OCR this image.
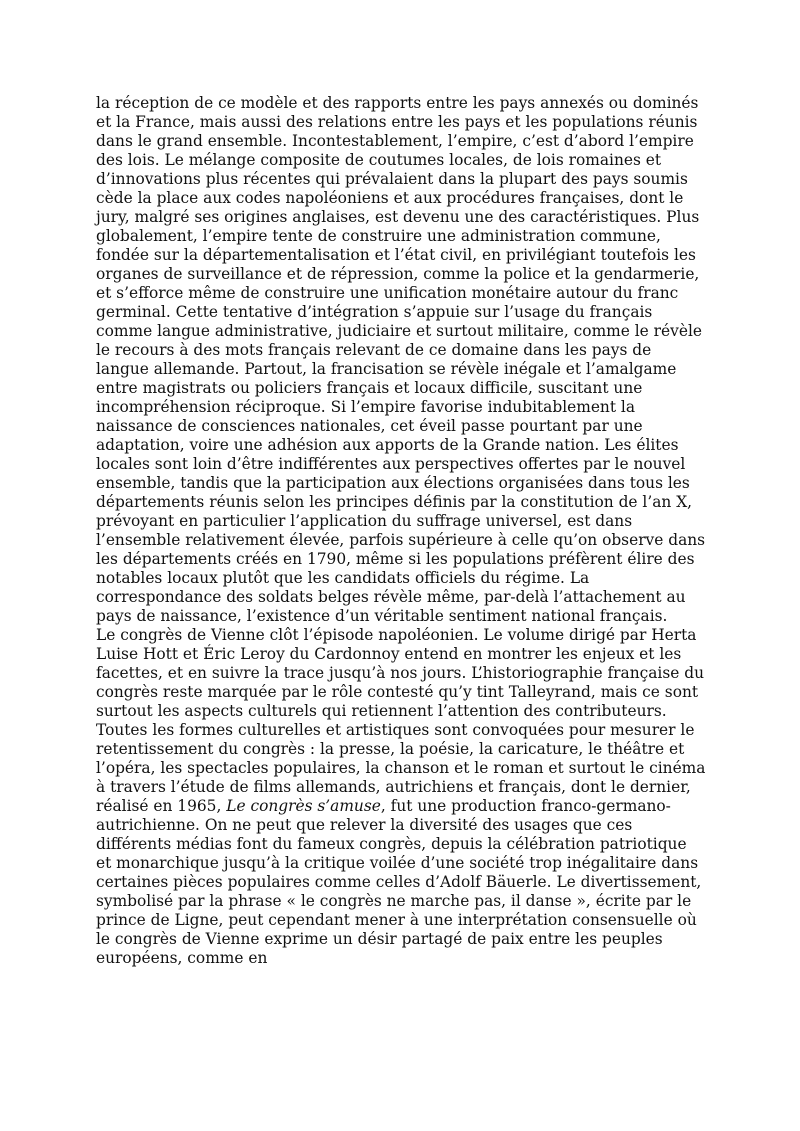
la réception de ce modèle et des rapports entre les pays annexés ou dominés et la France, mais aussi des relations entre les pays et les populations réunis dans le grand ensemble. Incontestablement, l’empire, c’est d’abord l’empire des lois. Le mélange composite de coutumes locales, de lois romaines et d’innovations plus récentes qui prévalaient dans la plupart des pays soumis cède la place aux codes napoléoniens et aux procédures françaises, dont le jury, malgré ses origines anglaises, est devenu une des caractéristiques. Plus globalement, l’empire tente de construire une administration commune, fondée sur la départementalisation et l’état civil, en privilégiant toutefois les organes de surveillance et de répression, comme la police et la gendarmerie, et s’efforce même de construire une unification monétaire autour du franc germinal. Cette tentative d’intégration s’appuie sur l’usage du français comme langue administrative, judiciaire et surtout militaire, comme le révèle le recours à des mots français relevant de ce domaine dans les pays de langue allemande. Partout, la francisation se révèle inégale et l’amalgame entre magistrats ou policiers français et locaux difficile, suscitant une incompréhension réciproque. Si l’empire favorise indubitablement la naissance de consciences nationales, cet éveil passe pourtant par une adaptation, voire une adhésion aux apports de la Grande nation. Les élites locales sont loin d’être indifférentes aux perspectives offertes par le nouvel ensemble, tandis que la participation aux élections organisées dans tous les départements réunis selon les principes définis par la constitution de l’an X, prévoyant en particulier l’application du suffrage universel, est dans l’ensemble relativement élevée, parfois supérieure à celle qu’on observe dans les départements créés en 1790, même si les populations préfèrent élire des notables locaux plutôt que les candidats officiels du régime. La correspondance des soldats belges révèle même, par-delà l’attachement au pays de naissance, l’existence d’un véritable sentiment national français.

Le congrès de Vienne clôt l’épisode napoléonien. Le volume dirigé par Herta Luise Hott et Éric Leroy du Cardonnoy entend en montrer les enjeux et les facettes, et en suivre la trace jusqu’à nos jours. L’historiographie française du congrès reste marquée par le rôle contesté qu’y tint Talleyrand, mais ce sont surtout les aspects culturels qui retiennent l’attention des contributeurs. Toutes les formes culturelles et artistiques sont convoquées pour mesurer le retentissement du congrès : la presse, la poésie, la caricature, le théâtre et l’opéra, les spectacles populaires, la chanson et le roman et surtout le cinéma à travers l’étude de films allemands, autrichiens et français, dont le dernier, réalisé en 1965, Le congrès s’amuse, fut une production franco-germano-autrichienne. On ne peut que relever la diversité des usages que ces différents médias font du fameux congrès, depuis la célébration patriotique et monarchique jusqu’à la critique voilée d’une société trop inégalitaire dans certaines pièces populaires comme celles d’Adolf Bäuerle. Le divertissement, symbolisé par la phrase « le congrès ne marche pas, il danse », écrite par le prince de Ligne, peut cependant mener à une interprétation consensuelle où le congrès de Vienne exprime un désir partagé de paix entre les peuples européens, comme en
